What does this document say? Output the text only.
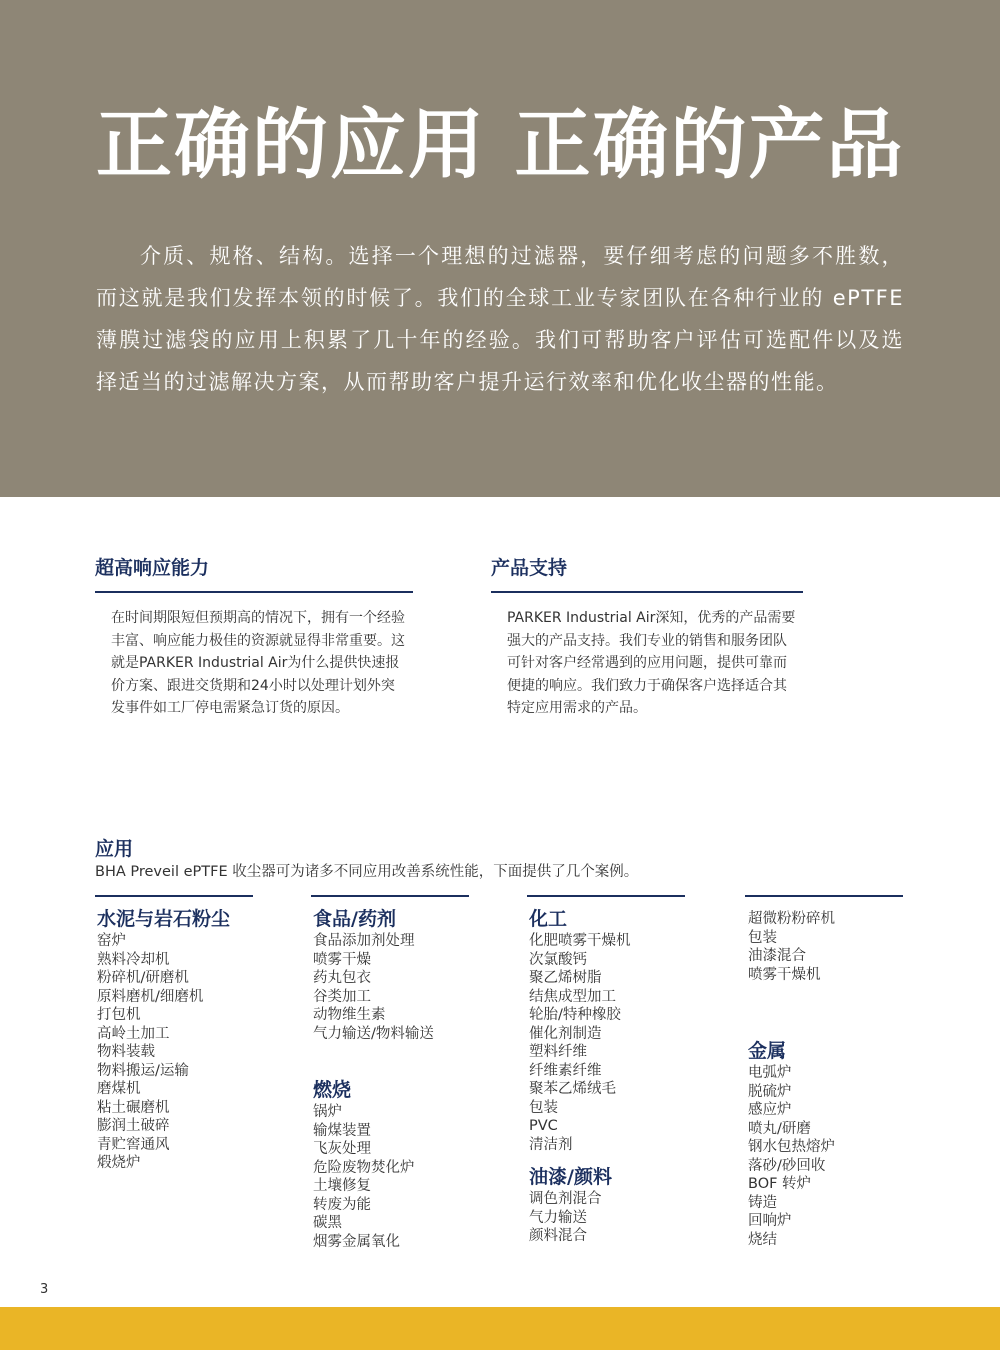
正确的应用 正确的产品

介质、规格、结构。选择一个理想的过滤器，要仔细考虑的问题多不胜数，而这就是我们发挥本领的时候了。我们的全球工业专家团队在各种行业的 ePTFE 薄膜过滤袋的应用上积累了几十年的经验。我们可帮助客户评估可选配件以及选择适当的过滤解决方案，从而帮助客户提升运行效率和优化收尘器的性能。

超高响应能力

在时间期限短但预期高的情况下，拥有一个经验丰富、响应能力极佳的资源就显得非常重要。这就是PARKER Industrial Air为什么提供快速报价方案、跟进交货期和24小时以处理计划外突发事件如工厂停电需紧急订货的原因。

产品支持

PARKER Industrial Air深知，优秀的产品需要强大的产品支持。我们专业的销售和服务团队可针对客户经常遇到的应用问题，提供可靠而便捷的响应。我们致力于确保客户选择适合其特定应用需求的产品。

应用

BHA Preveil ePTFE 收尘器可为诸多不同应用改善系统性能，下面提供了几个案例。

水泥与岩石粉尘
窑炉
熟料冷却机
粉碎机/研磨机
原料磨机/细磨机
打包机
高岭土加工
物料装载
物料搬运/运输
磨煤机
粘土碾磨机
膨润土破碎
青贮窖通风
煅烧炉
食品/药剂
食品添加剂处理
喷雾干燥
药丸包衣
谷类加工
动物维生素
气力输送/物料输送
燃烧
锅炉
输煤装置
飞灰处理
危险废物焚化炉
土壤修复
转废为能
碳黑
烟雾金属氧化
化工
化肥喷雾干燥机
次氯酸钙
聚乙烯树脂
结焦成型加工
轮胎/特种橡胶
催化剂制造
塑料纤维
纤维素纤维
聚苯乙烯绒毛
包装
PVC
清洁剂
油漆/颜料
调色剂混合
气力输送
颜料混合
超微粉粉碎机
包装
油漆混合
喷雾干燥机
金属
电弧炉
脱硫炉
感应炉
喷丸/研磨
钢水包热熔炉
落砂/砂回收
BOF 转炉
铸造
回响炉
烧结
3
